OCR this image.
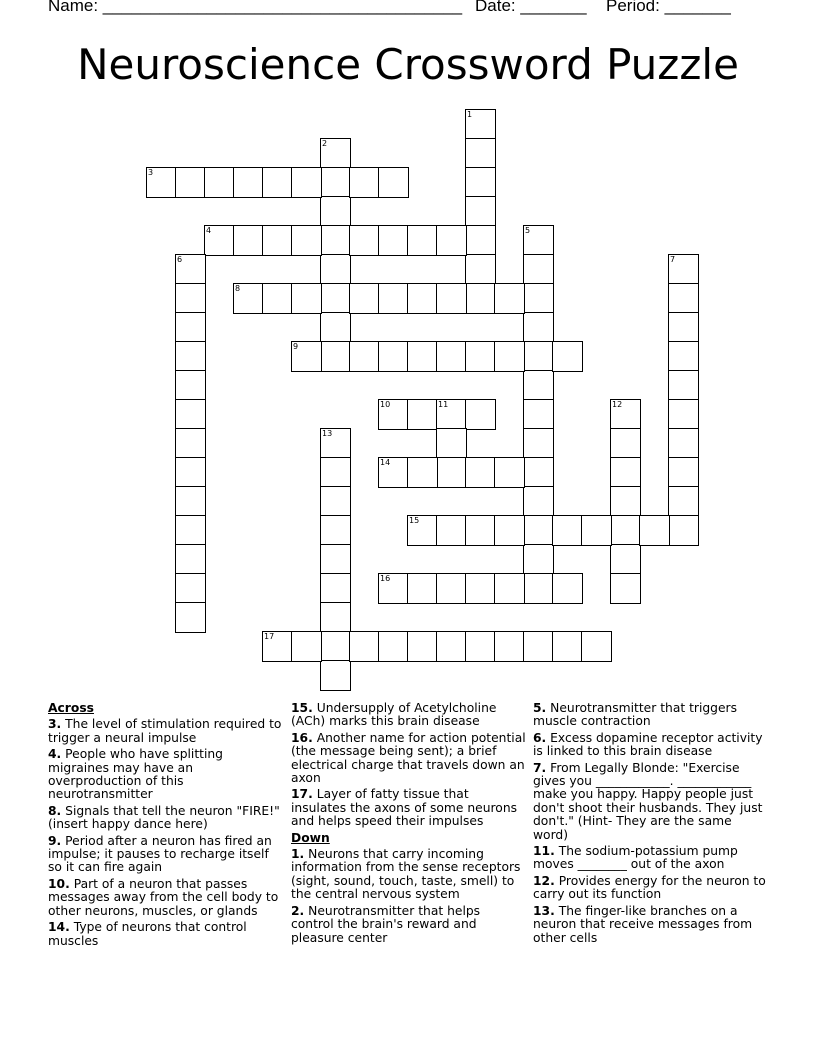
Name: ______________________________________ Date: _______ Period: _______
Neuroscience Crossword Puzzle
1
2
3
4	5
6	7
8
9
10	11	12
13
14
15
16
17
Across
3. The level of stimulation required to trigger a neural impulse
4. People who have splitting migraines may have an overproduction of this neurotransmitter
8. Signals that tell the neuron "FIRE!" (insert happy dance here)
9. Period after a neuron has fired an impulse; it pauses to recharge itself so it can fire again
10. Part of a neuron that passes messages away from the cell body to other neurons, muscles, or glands
14. Type of neurons that control muscles
15. Undersupply of Acetylcholine (ACh) marks this brain disease
16. Another name for action potential (the message being sent); a brief electrical charge that travels down an axon
17. Layer of fatty tissue that insulates the axons of some neurons and helps speed their impulses
Down
1. Neurons that carry incoming information from the sense receptors (sight, sound, touch, taste, smell) to the central nervous system
2. Neurotransmitter that helps control the brain's reward and pleasure center
5. Neurotransmitter that triggers muscle contraction
6. Excess dopamine receptor activity is linked to this brain disease
7. From Legally Blonde: "Exercise gives you ____________. ____________ make you happy. Happy people just don't shoot their husbands. They just don't." (Hint- They are the same word)
11. The sodium-potassium pump moves ________ out of the axon
12. Provides energy for the neuron to carry out its function
13. The finger-like branches on a neuron that receive messages from other cells
